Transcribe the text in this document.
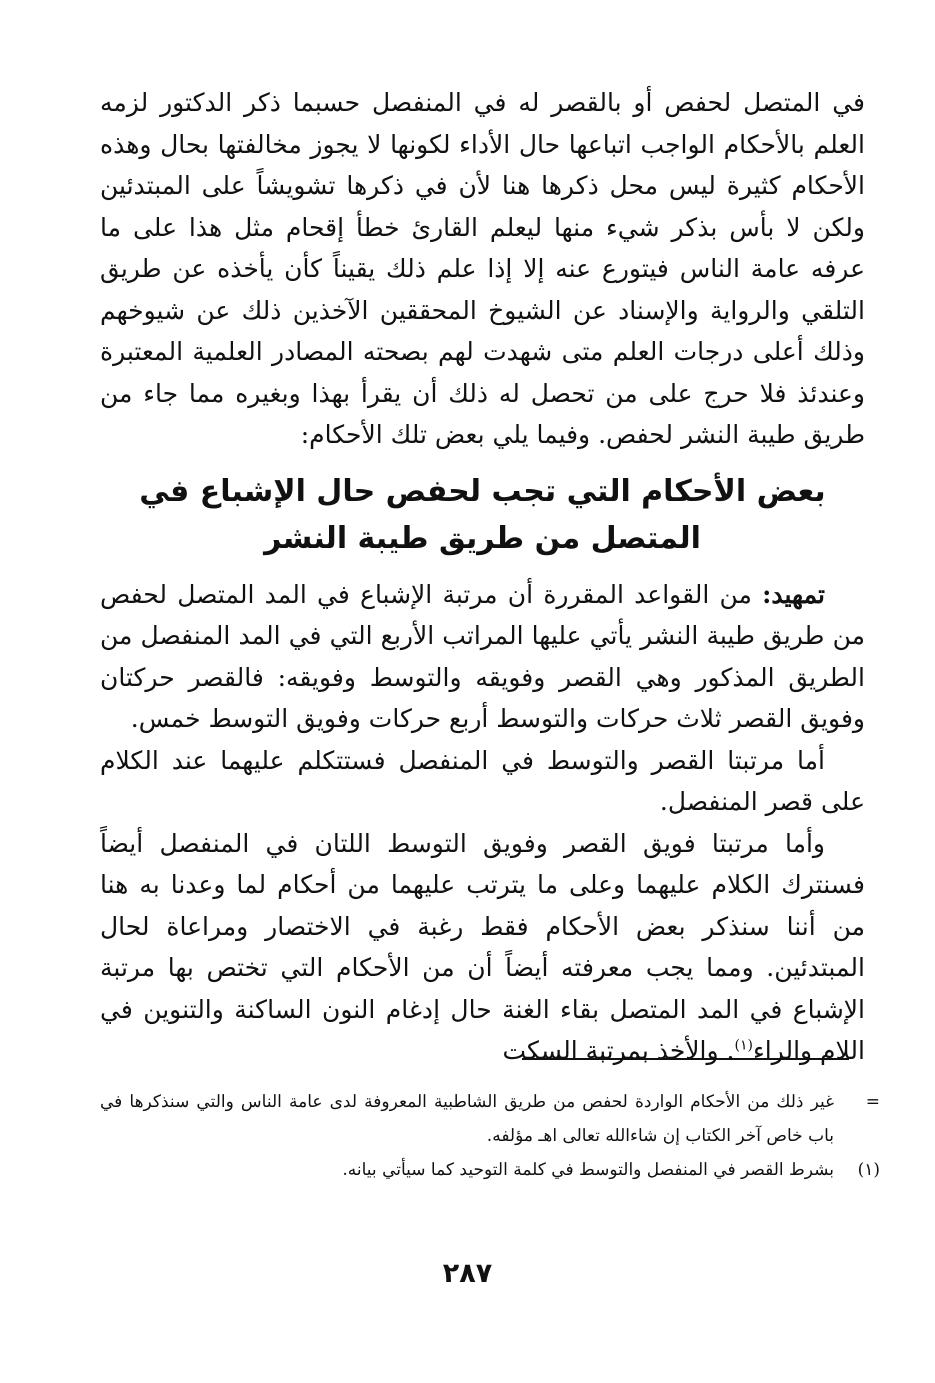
في المتصل لحفص أو بالقصر له في المنفصل حسبما ذكر الدكتور لزمه العلم بالأحكام الواجب اتباعها حال الأداء لكونها لا يجوز مخالفتها بحال وهذه الأحكام كثيرة ليس محل ذكرها هنا لأن في ذكرها تشويشاً على المبتدئين ولكن لا بأس بذكر شيء منها ليعلم القارئ خطأ إقحام مثل هذا على ما عرفه عامة الناس فيتورع عنه إلا إذا علم ذلك يقيناً كأن يأخذه عن طريق التلقي والرواية والإسناد عن الشيوخ المحققين الآخذين ذلك عن شيوخهم وذلك أعلى درجات العلم متى شهدت لهم بصحته المصادر العلمية المعتبرة وعندئذ فلا حرج على من تحصل له ذلك أن يقرأ بهذا وبغيره مما جاء من طريق طيبة النشر لحفص. وفيما يلي بعض تلك الأحكام:

بعض الأحكام التي تجب لحفص حال الإشباع في المتصل من طريق طيبة النشر

تمهيد: من القواعد المقررة أن مرتبة الإشباع في المد المتصل لحفص من طريق طيبة النشر يأتي عليها المراتب الأربع التي في المد المنفصل من الطريق المذكور وهي القصر وفويقه والتوسط وفويقه: فالقصر حركتان وفويق القصر ثلاث حركات والتوسط أربع حركات وفويق التوسط خمس.

أما مرتبتا القصر والتوسط في المنفصل فستتكلم عليهما عند الكلام على قصر المنفصل.

وأما مرتبتا فويق القصر وفويق التوسط اللتان في المنفصل أيضاً فسنترك الكلام عليهما وعلى ما يترتب عليهما من أحكام لما وعدنا به هنا من أننا سنذكر بعض الأحكام فقط رغبة في الاختصار ومراعاة لحال المبتدئين. ومما يجب معرفته أيضاً أن من الأحكام التي تختص بها مرتبة الإشباع في المد المتصل بقاء الغنة حال إدغام النون الساكنة والتنوين في اللام والراء$^{(١)}$. والأخذ بمرتبة السكت

=
غير ذلك من الأحكام الواردة لحفص من طريق الشاطبية المعروفة لدى عامة الناس والتي سنذكرها في باب خاص آخر الكتاب إن شاءالله تعالى اهـ مؤلفه.
(١)
بشرط القصر في المنفصل والتوسط في كلمة التوحيد كما سيأتي بيانه.
٢٨٧
